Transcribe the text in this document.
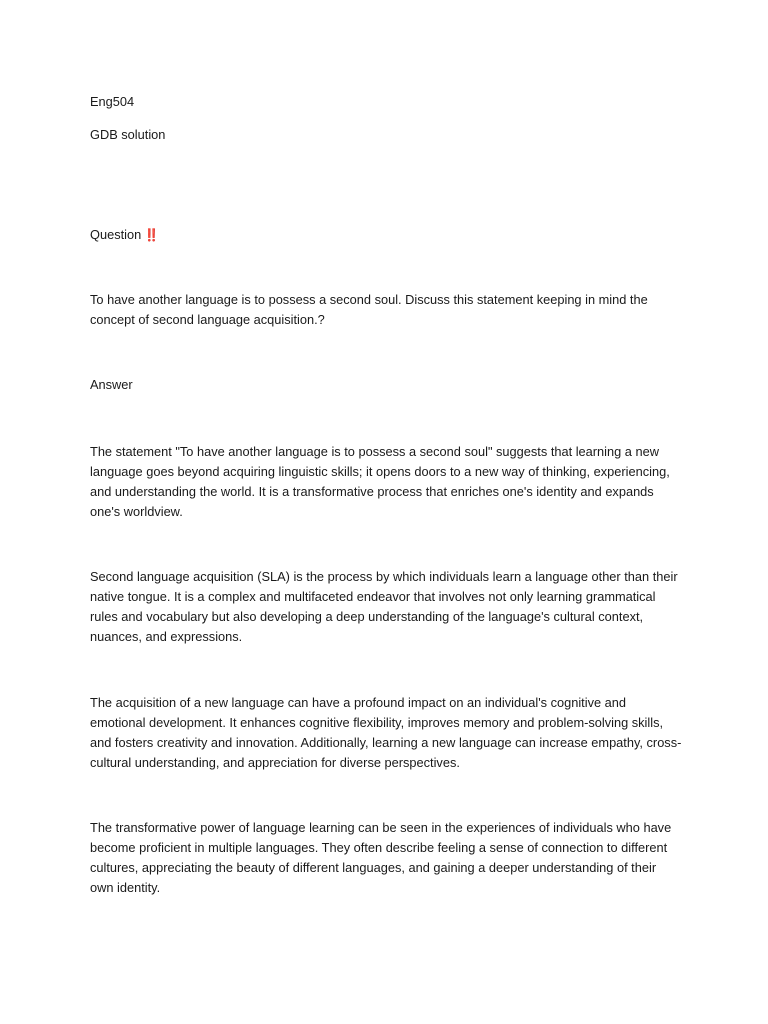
Eng504

GDB solution

Question ‼️

To have another language is to possess a second soul. Discuss this statement keeping in mind the

concept of second language acquisition.?

Answer

The statement "To have another language is to possess a second soul" suggests that learning a new

language goes beyond acquiring linguistic skills; it opens doors to a new way of thinking, experiencing,

and understanding the world. It is a transformative process that enriches one's identity and expands

one's worldview.

Second language acquisition (SLA) is the process by which individuals learn a language other than their

native tongue. It is a complex and multifaceted endeavor that involves not only learning grammatical

rules and vocabulary but also developing a deep understanding of the language's cultural context,

nuances, and expressions.

The acquisition of a new language can have a profound impact on an individual's cognitive and

emotional development. It enhances cognitive flexibility, improves memory and problem-solving skills,

and fosters creativity and innovation. Additionally, learning a new language can increase empathy, cross-

cultural understanding, and appreciation for diverse perspectives.

The transformative power of language learning can be seen in the experiences of individuals who have

become proficient in multiple languages. They often describe feeling a sense of connection to different

cultures, appreciating the beauty of different languages, and gaining a deeper understanding of their

own identity.
